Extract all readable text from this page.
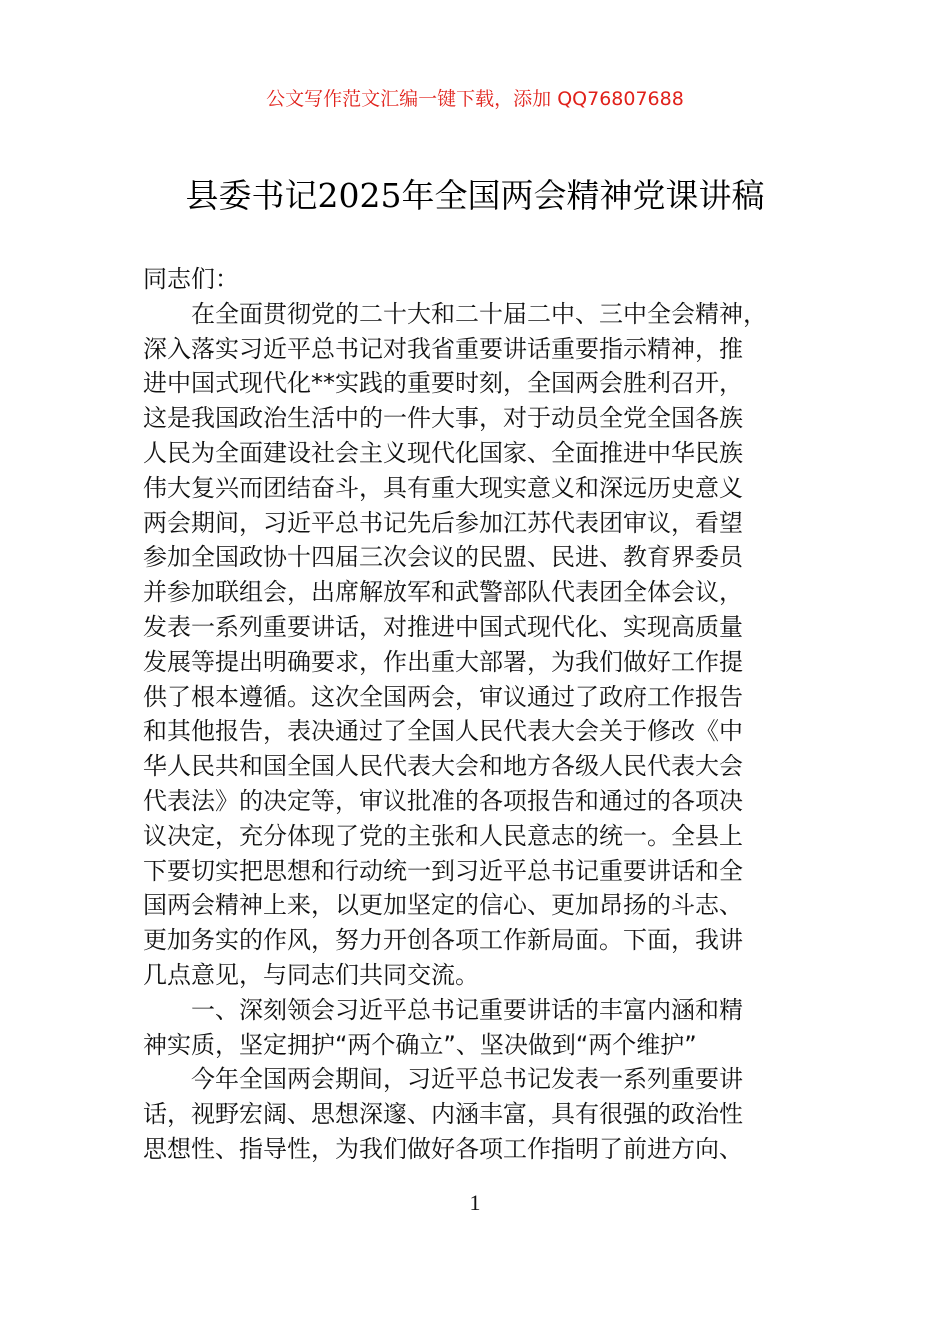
公文写作范文汇编一键下载，添加 QQ76807688
县委书记2025年全国两会精神党课讲稿
同志们：
　　在全面贯彻党的二十大和二十届二中、三中全会精神，
深入落实习近平总书记对我省重要讲话重要指示精神，推
进中国式现代化**实践的重要时刻，全国两会胜利召开，
这是我国政治生活中的一件大事，对于动员全党全国各族
人民为全面建设社会主义现代化国家、全面推进中华民族
伟大复兴而团结奋斗，具有重大现实意义和深远历史意义
两会期间，习近平总书记先后参加江苏代表团审议，看望
参加全国政协十四届三次会议的民盟、民进、教育界委员
并参加联组会，出席解放军和武警部队代表团全体会议，
发表一系列重要讲话，对推进中国式现代化、实现高质量
发展等提出明确要求，作出重大部署，为我们做好工作提
供了根本遵循。这次全国两会，审议通过了政府工作报告
和其他报告，表决通过了全国人民代表大会关于修改《中
华人民共和国全国人民代表大会和地方各级人民代表大会
代表法》的决定等，审议批准的各项报告和通过的各项决
议决定，充分体现了党的主张和人民意志的统一。全县上
下要切实把思想和行动统一到习近平总书记重要讲话和全
国两会精神上来，以更加坚定的信心、更加昂扬的斗志、
更加务实的作风，努力开创各项工作新局面。下面，我讲
几点意见，与同志们共同交流。
　　一、深刻领会习近平总书记重要讲话的丰富内涵和精
神实质，坚定拥护“两个确立”、坚决做到“两个维护”
　　今年全国两会期间，习近平总书记发表一系列重要讲
话，视野宏阔、思想深邃、内涵丰富，具有很强的政治性
思想性、指导性，为我们做好各项工作指明了前进方向、
1
